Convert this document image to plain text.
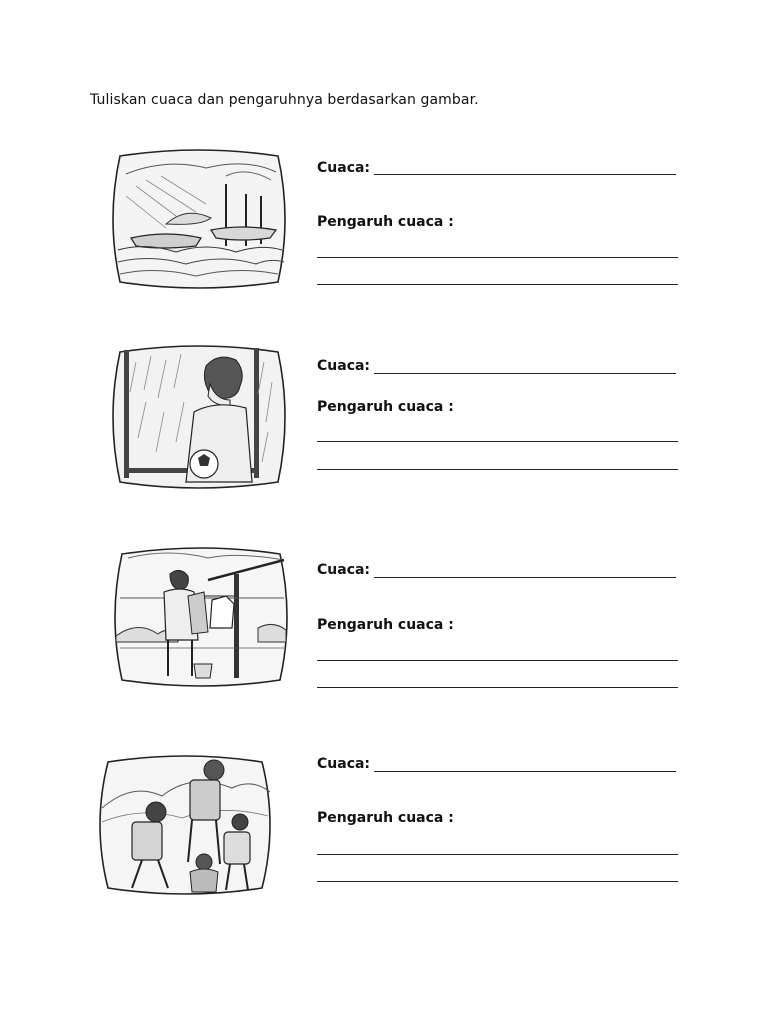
Tuliskan cuaca dan pengaruhnya berdasarkan gambar.
Cuaca:
Pengaruh cuaca :
Cuaca:
Pengaruh cuaca :
Cuaca:
Pengaruh cuaca :
Cuaca:
Pengaruh cuaca :
